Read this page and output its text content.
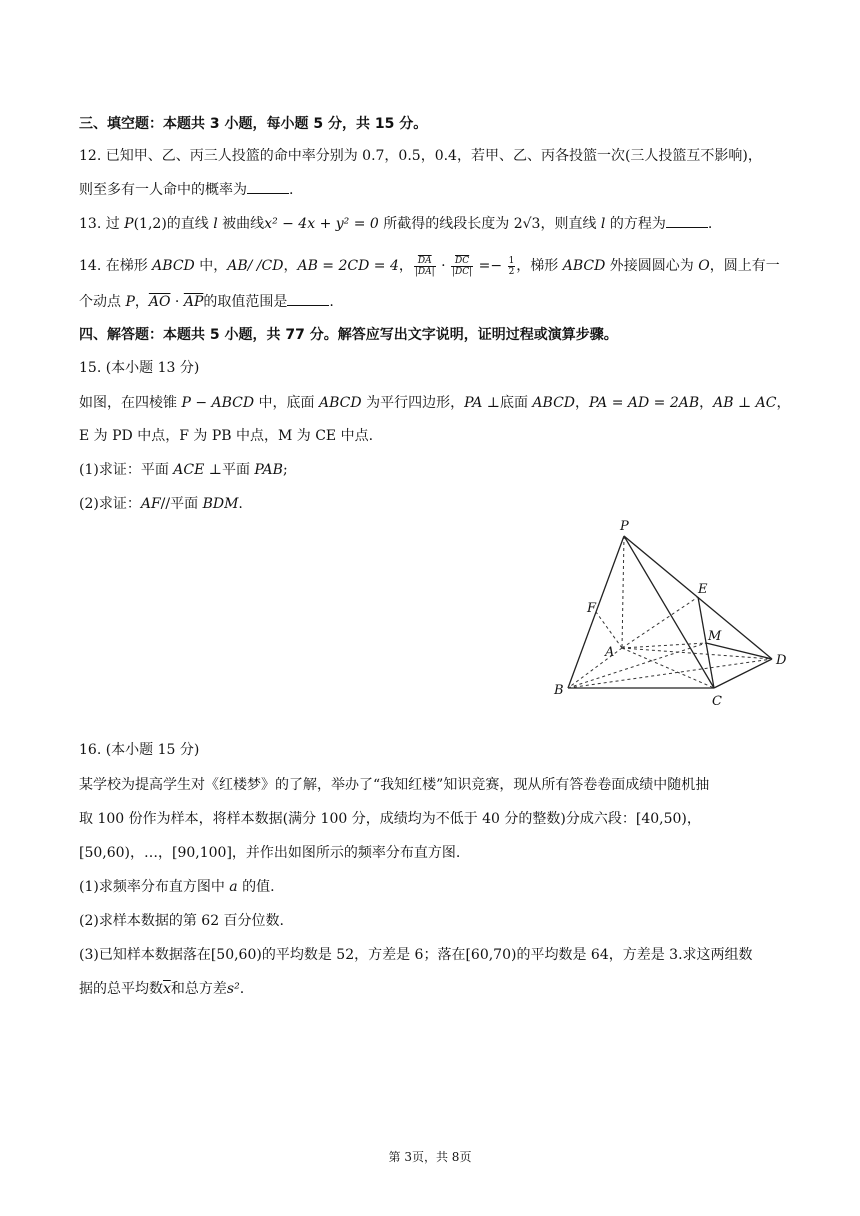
三、填空题：本题共 3 小题，每小题 5 分，共 15 分。
12. 已知甲、乙、丙三人投篮的命中率分别为 0.7，0.5，0.4，若甲、乙、丙各投篮一次(三人投篮互不影响)，
则至多有一人命中的概率为	.
13. 过 P(1,2)的直线 l 被曲线x² − 4x + y² = 0 所截得的线段长度为 2√3，则直线 l 的方程为	.
14. 在梯形 ABCD 中，AB/ /CD，AB = 2CD = 4， $\frac{\overline{DA}}{|DA|} \cdot \frac{\overline{DC}}{|DC|} =- \frac{1}{2}$ ，梯形 ABCD 外接圆圆心为 O，圆上有一
个动点 P，$\overline{AO} \cdot \overline{AP}$的取值范围是	.
四、解答题：本题共 5 小题，共 77 分。解答应写出文字说明，证明过程或演算步骤。
15. (本小题 13 分)
如图，在四棱锥 P − ABCD 中，底面 ABCD 为平行四边形，PA ⊥底面 ABCD，PA = AD = 2AB，AB ⊥ AC，
E 为 PD 中点，F 为 PB 中点，M 为 CE 中点.
(1)求证：平面 ACE ⊥平面 PAB;
(2)求证：AF//平面 BDM.
P
E
F
M
A
D
B
C
16. (本小题 15 分)
某学校为提高学生对《红楼梦》的了解，举办了“我知红楼”知识竞赛，现从所有答卷卷面成绩中随机抽
取 100 份作为样本，将样本数据(满分 100 分，成绩均为不低于 40 分的整数)分成六段：[40,50)，
[50,60)，…，[90,100]，并作出如图所示的频率分布直方图.
(1)求频率分布直方图中 a 的值.
(2)求样本数据的第 62 百分位数.
(3)已知样本数据落在[50,60)的平均数是 52，方差是 6；落在[60,70)的平均数是 64，方差是 3.求这两组数
据的总平均数$\overline{x}$和总方差s².
第 3页，共 8页
